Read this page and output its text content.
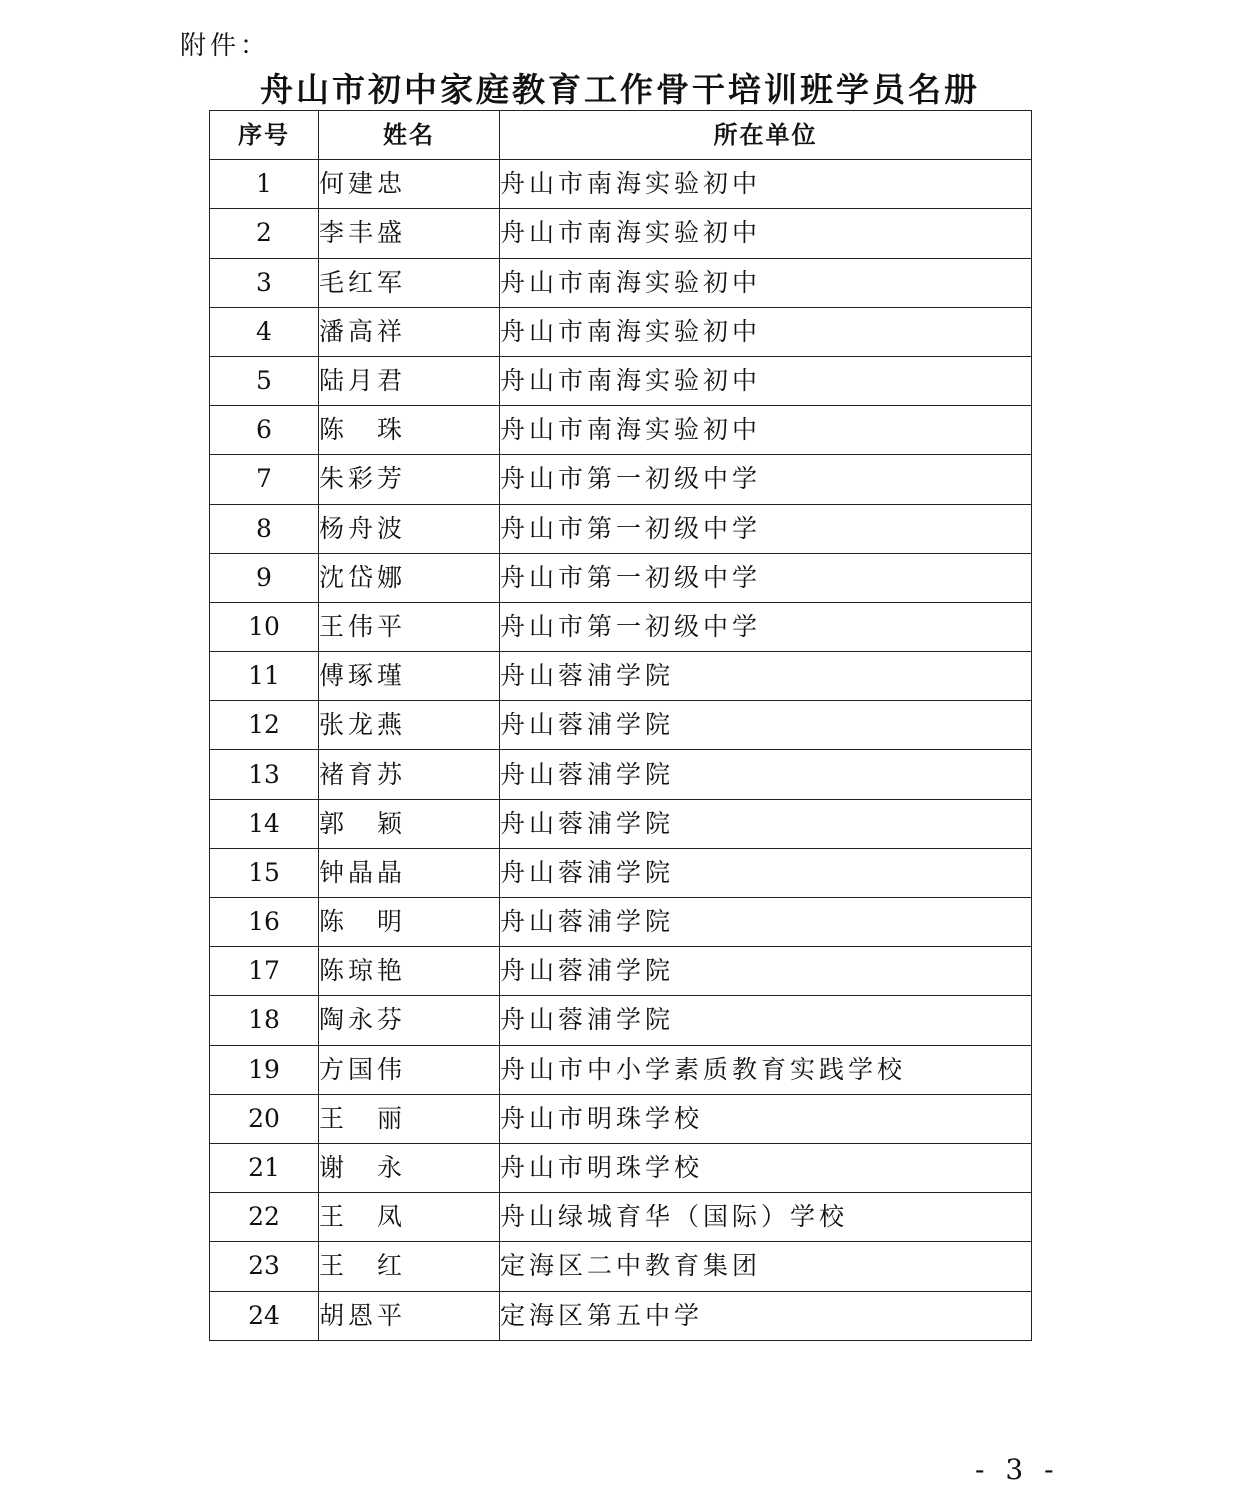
附件：
舟山市初中家庭教育工作骨干培训班学员名册
序号	姓名	所在单位
1	何建忠	舟山市南海实验初中
2	李丰盛	舟山市南海实验初中
3	毛红军	舟山市南海实验初中
4	潘高祥	舟山市南海实验初中
5	陆月君	舟山市南海实验初中
6	陈　珠	舟山市南海实验初中
7	朱彩芳	舟山市第一初级中学
8	杨舟波	舟山市第一初级中学
9	沈岱娜	舟山市第一初级中学
10	王伟平	舟山市第一初级中学
11	傅琢瑾	舟山蓉浦学院
12	张龙燕	舟山蓉浦学院
13	褚育苏	舟山蓉浦学院
14	郭　颖	舟山蓉浦学院
15	钟晶晶	舟山蓉浦学院
16	陈　明	舟山蓉浦学院
17	陈琼艳	舟山蓉浦学院
18	陶永芬	舟山蓉浦学院
19	方国伟	舟山市中小学素质教育实践学校
20	王　丽	舟山市明珠学校
21	谢　永	舟山市明珠学校
22	王　凤	舟山绿城育华（国际）学校
23	王　红	定海区二中教育集团
24	胡恩平	定海区第五中学
- 3 -
